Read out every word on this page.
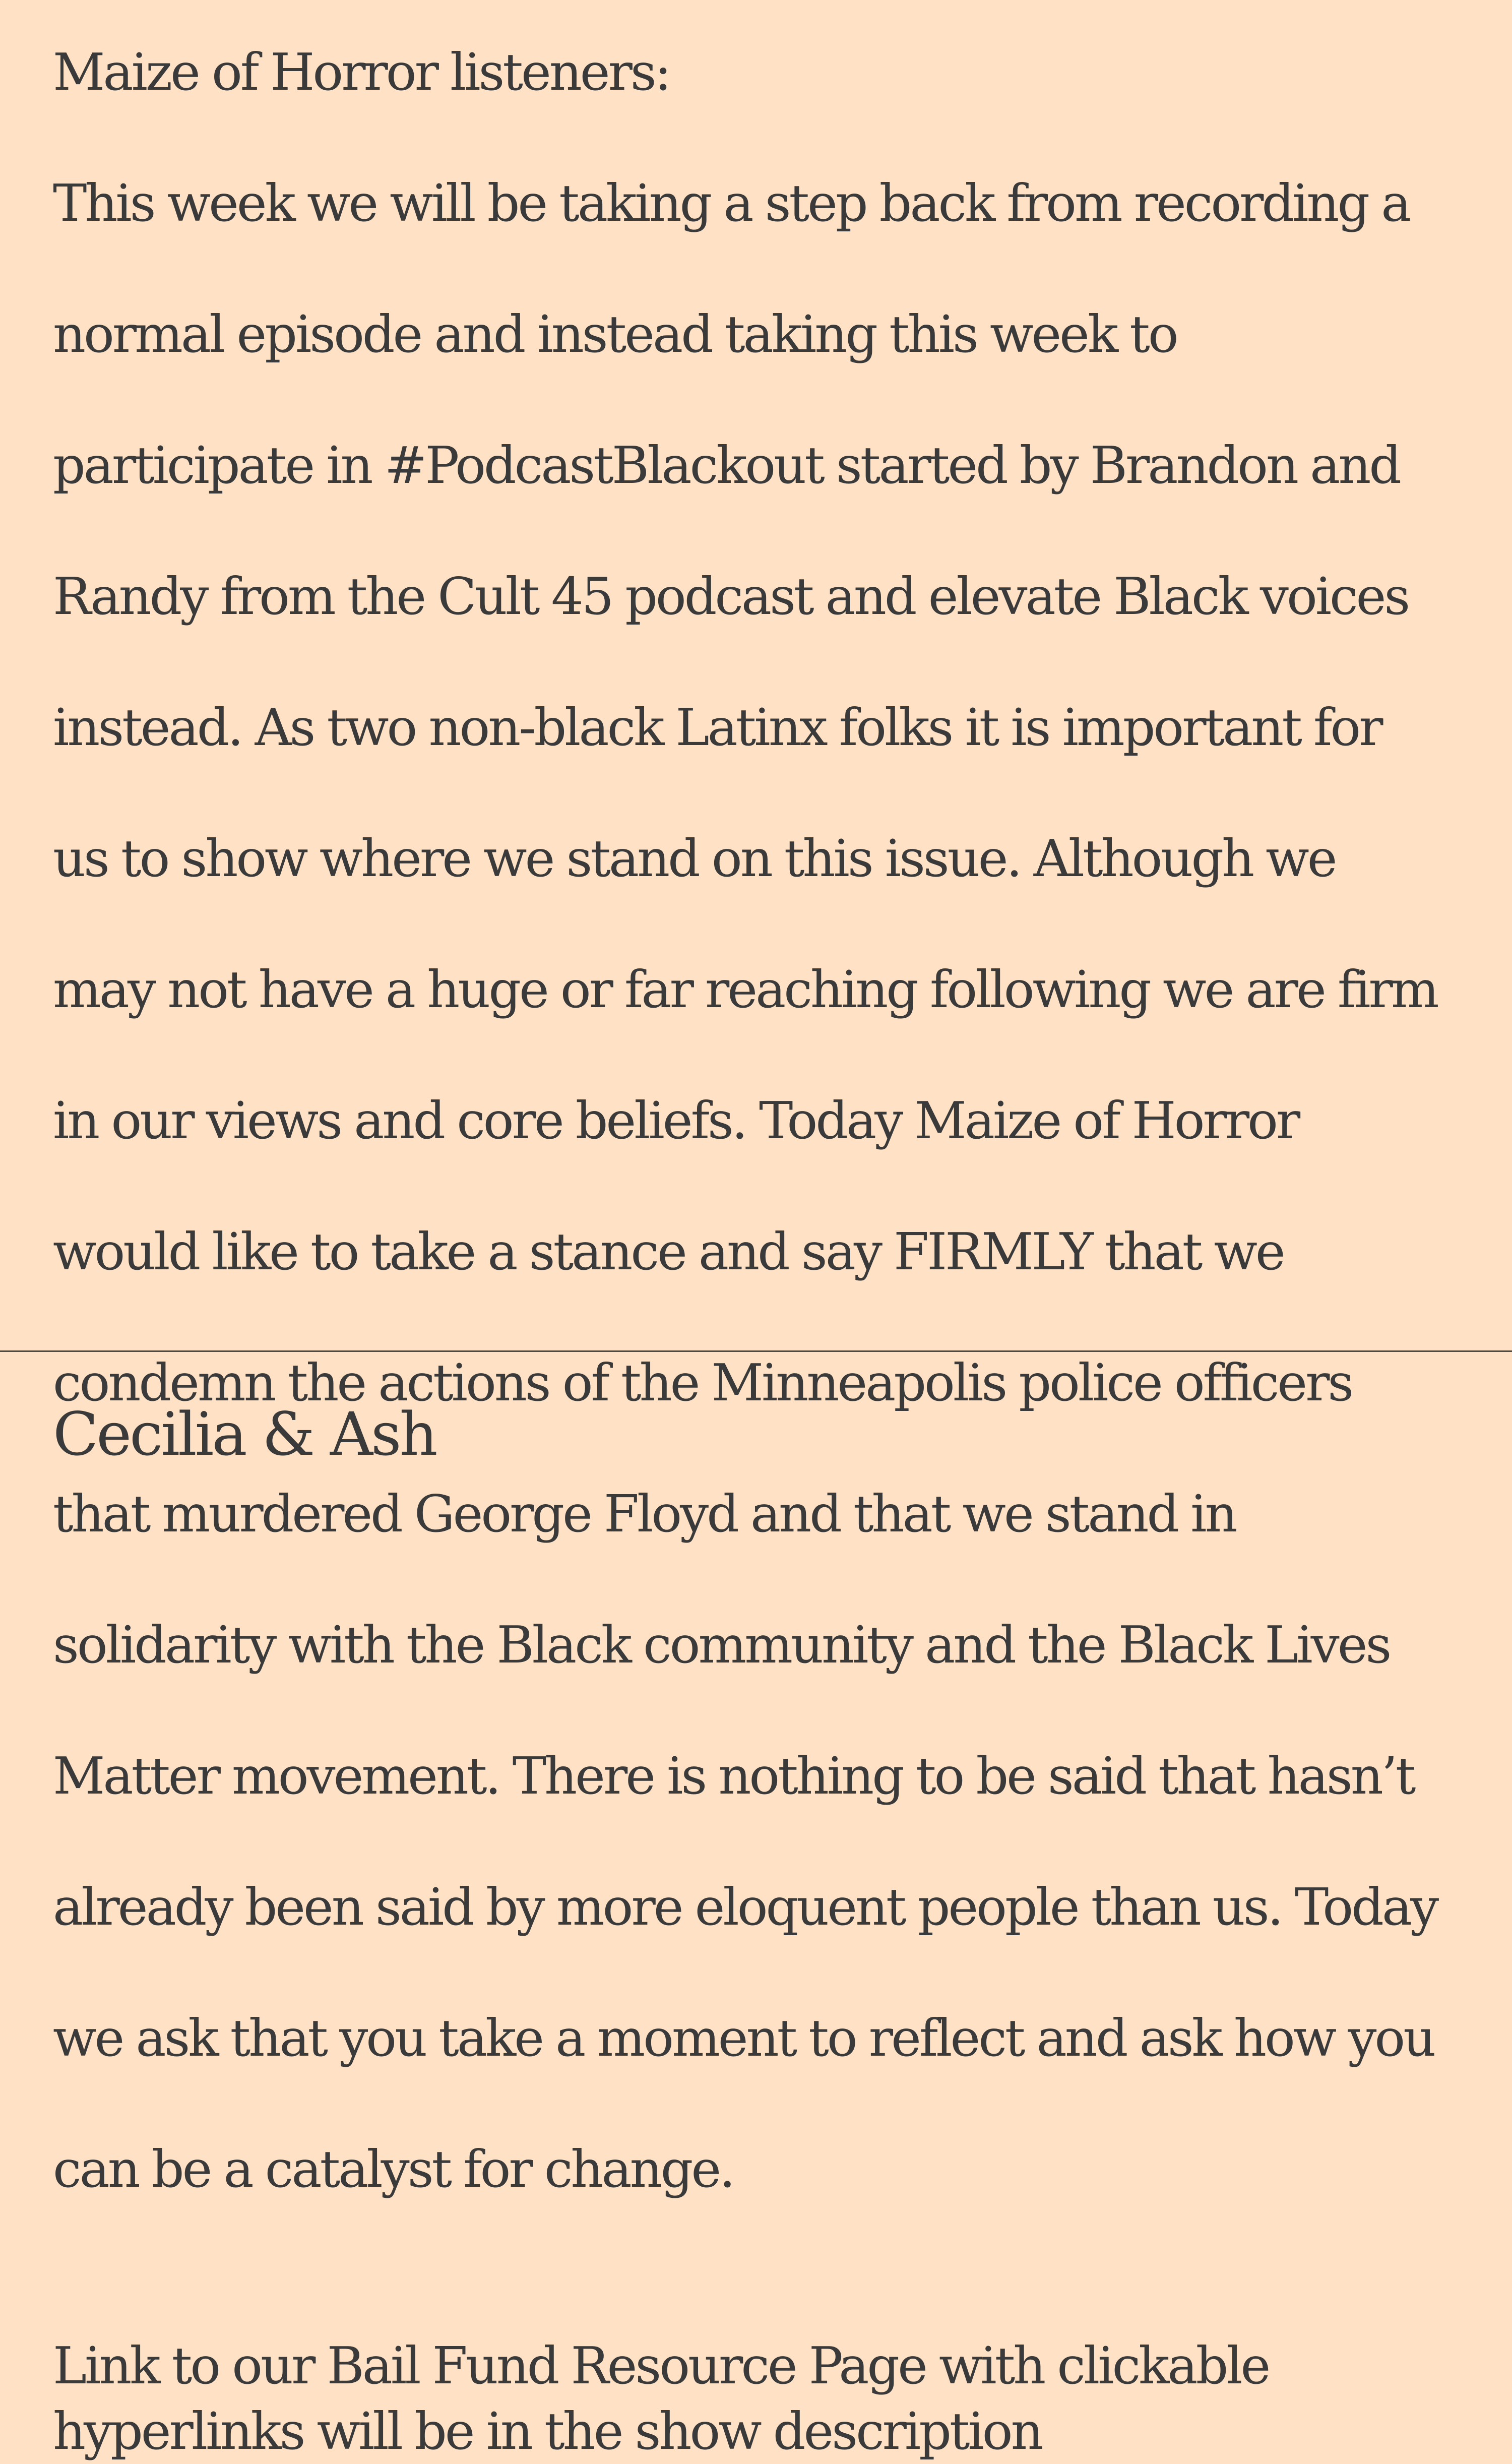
Maize of Horror listeners:

This week we will be taking a step back from recording a

normal episode and instead taking this week to

participate in #PodcastBlackout started by Brandon and

Randy from the Cult 45 podcast and elevate Black voices

instead. As two non-black Latinx folks it is important for

us to show where we stand on this issue. Although we

may not have a huge or far reaching following we are firm

in our views and core beliefs. Today Maize of Horror

would like to take a stance and say FIRMLY that we

condemn the actions of the Minneapolis police officers

that murdered George Floyd and that we stand in

solidarity with the Black community and the Black Lives

Matter movement. There is nothing to be said that hasn’t

already been said by more eloquent people than us. Today

we ask that you take a moment to reflect and ask how you

can be a catalyst for change.

Link to our Bail Fund Resource Page with clickable

hyperlinks will be in the show description

Cecilia & Ash
